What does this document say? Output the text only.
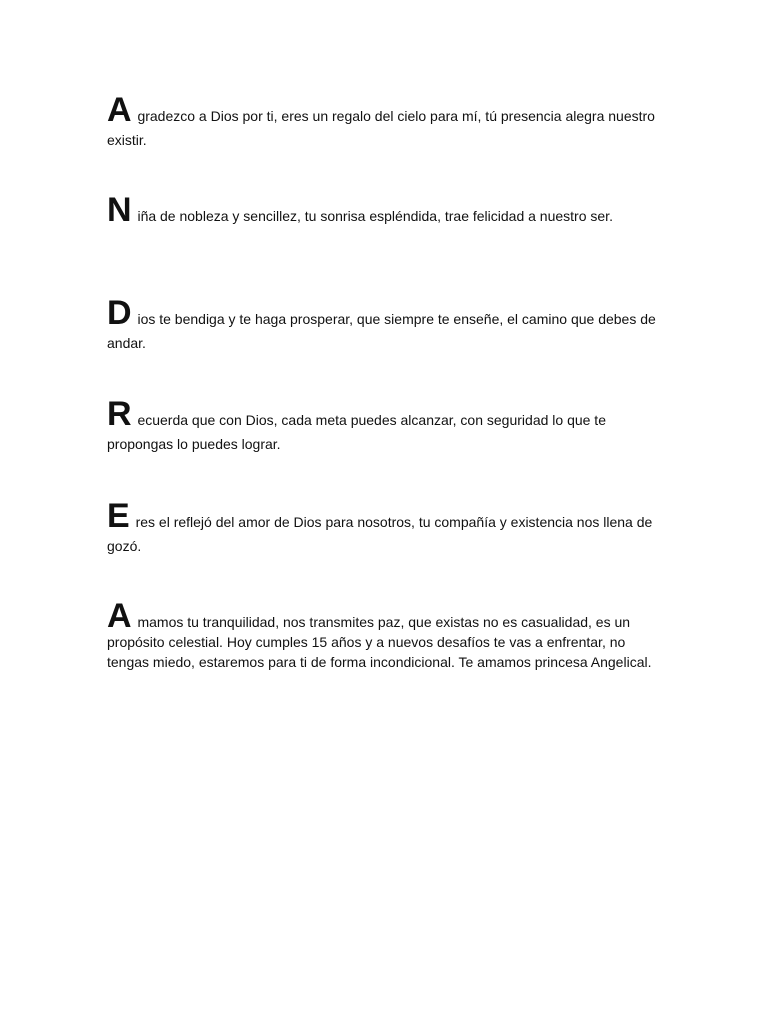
A gradezco a Dios por ti, eres un regalo del cielo para mí, tú presencia alegra nuestro existir.

N iña de nobleza y sencillez, tu sonrisa espléndida, trae felicidad a nuestro ser.

D ios te bendiga y te haga prosperar, que siempre te enseñe, el camino que debes de andar.

R ecuerda que con Dios, cada meta puedes alcanzar, con seguridad lo que te propongas lo puedes lograr.

E res el reflejó del amor de Dios para nosotros, tu compañía y existencia nos llena de gozó.

A mamos tu tranquilidad, nos transmites paz, que existas no es casualidad, es un propósito celestial. Hoy cumples 15 años y a nuevos desafíos te vas a enfrentar, no tengas miedo, estaremos para ti de forma incondicional. Te amamos princesa Angelical.
